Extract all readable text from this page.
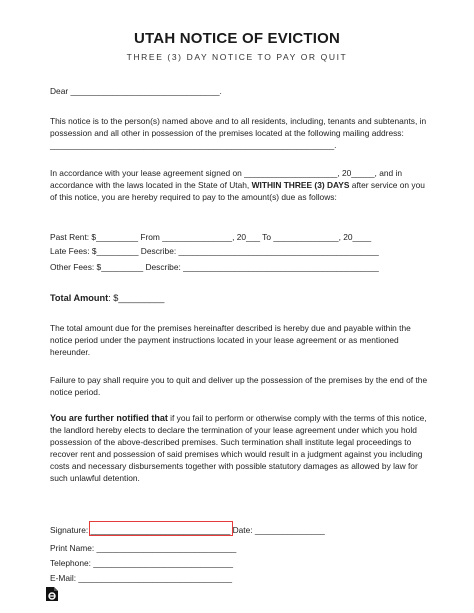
UTAH NOTICE OF EVICTION
THREE (3) DAY NOTICE TO PAY OR QUIT
Dear ________________________________.
This notice is to the person(s) named above and to all residents, including, tenants and subtenants, in possession and all other in possession of the premises located at the following mailing address: _____________________________________________________________.
In accordance with your lease agreement signed on ____________________, 20_____, and in accordance with the laws located in the State of Utah, WITHIN THREE (3) DAYS after service on you of this notice, you are hereby required to pay to the amount(s) due as follows:
Past Rent: $_________ From _______________, 20___ To ______________, 20____
Late Fees: $_________ Describe: ___________________________________________
Other Fees: $_________ Describe: __________________________________________
Total Amount: $_________
The total amount due for the premises hereinafter described is hereby due and payable within the notice period under the payment instructions located in your lease agreement or as mentioned hereunder.
Failure to pay shall require you to quit and deliver up the possession of the premises by the end of the notice period.
You are further notified that if you fail to perform or otherwise comply with the terms of this notice, the landlord hereby elects to declare the termination of your lease agreement under which you hold possession of the above-described premises. Such termination shall institute legal proceedings to recover rent and possession of said premises which would result in a judgment against you including costs and necessary disbursements together with possible statutory damages as allowed by law for such unlawful detention.
Signature: ______________________________ Date: _______________
Print Name: ______________________________
Telephone: ______________________________
E-Mail: _________________________________
